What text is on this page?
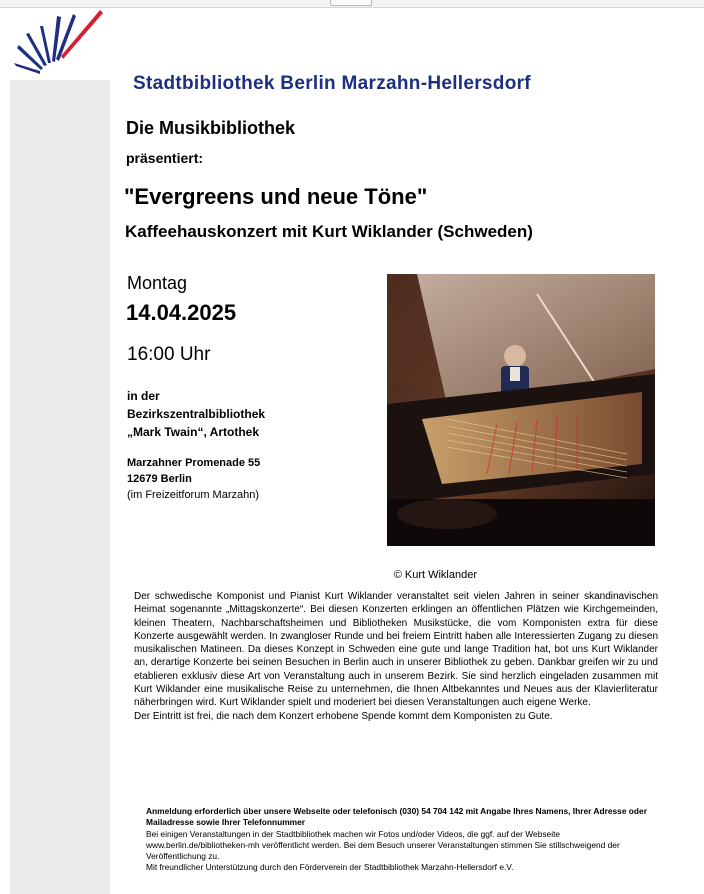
Stadtbibliothek Berlin Marzahn-Hellersdorf
Die Musikbibliothek
präsentiert:
"Evergreens und neue Töne"
Kaffeehauskonzert mit Kurt Wiklander (Schweden)
Montag
14.04.2025
16:00 Uhr
in der
Bezirkszentralbibliothek
„Mark Twain“, Artothek
Marzahner Promenade 55
12679 Berlin
(im Freizeitforum Marzahn)
© Kurt Wiklander

Der schwedische Komponist und Pianist Kurt Wiklander veranstaltet seit vielen Jahren in seiner skandinavischen Heimat sogenannte „Mittagskonzerte“. Bei diesen Konzerten erklingen an öffentlichen Plätzen wie Kirchgemeinden, kleinen Theatern, Nachbarschaftsheimen und Bibliotheken Musikstücke, die vom Komponisten extra für diese Konzerte ausgewählt werden. In zwangloser Runde und bei freiem Eintritt haben alle Interessierten Zugang zu diesen musikalischen Matineen. Da dieses Konzept in Schweden eine gute und lange Tradition hat, bot uns Kurt Wiklander an, derartige Konzerte bei seinen Besuchen in Berlin auch in unserer Bibliothek zu geben. Dankbar greifen wir zu und etablieren exklusiv diese Art von Veranstaltung auch in unserem Bezirk. Sie sind herzlich eingeladen zusammen mit Kurt Wiklander eine musikalische Reise zu unternehmen, die Ihnen Altbekanntes und Neues aus der Klavierliteratur näherbringen wird. Kurt Wiklander spielt und moderiert bei diesen Veranstaltungen auch eigene Werke.

Der Eintritt ist frei, die nach dem Konzert erhobene Spende kommt dem Komponisten zu Gute.

Anmeldung erforderlich über unsere Webseite oder telefonisch (030) 54 704 142 mit Angabe Ihres Namens, Ihrer Adresse oder Mailadresse sowie Ihrer Telefonnummer

Bei einigen Veranstaltungen in der Stadtbibliothek machen wir Fotos und/oder Videos, die ggf. auf der Webseite www.berlin.de/bibliotheken-mh veröffentlicht werden. Bei dem Besuch unserer Veranstaltungen stimmen Sie stillschweigend der Veröffentlichung zu.

Mit freundlicher Unterstützung durch den Förderverein der Stadtbibliothek Marzahn-Hellersdorf e.V.
